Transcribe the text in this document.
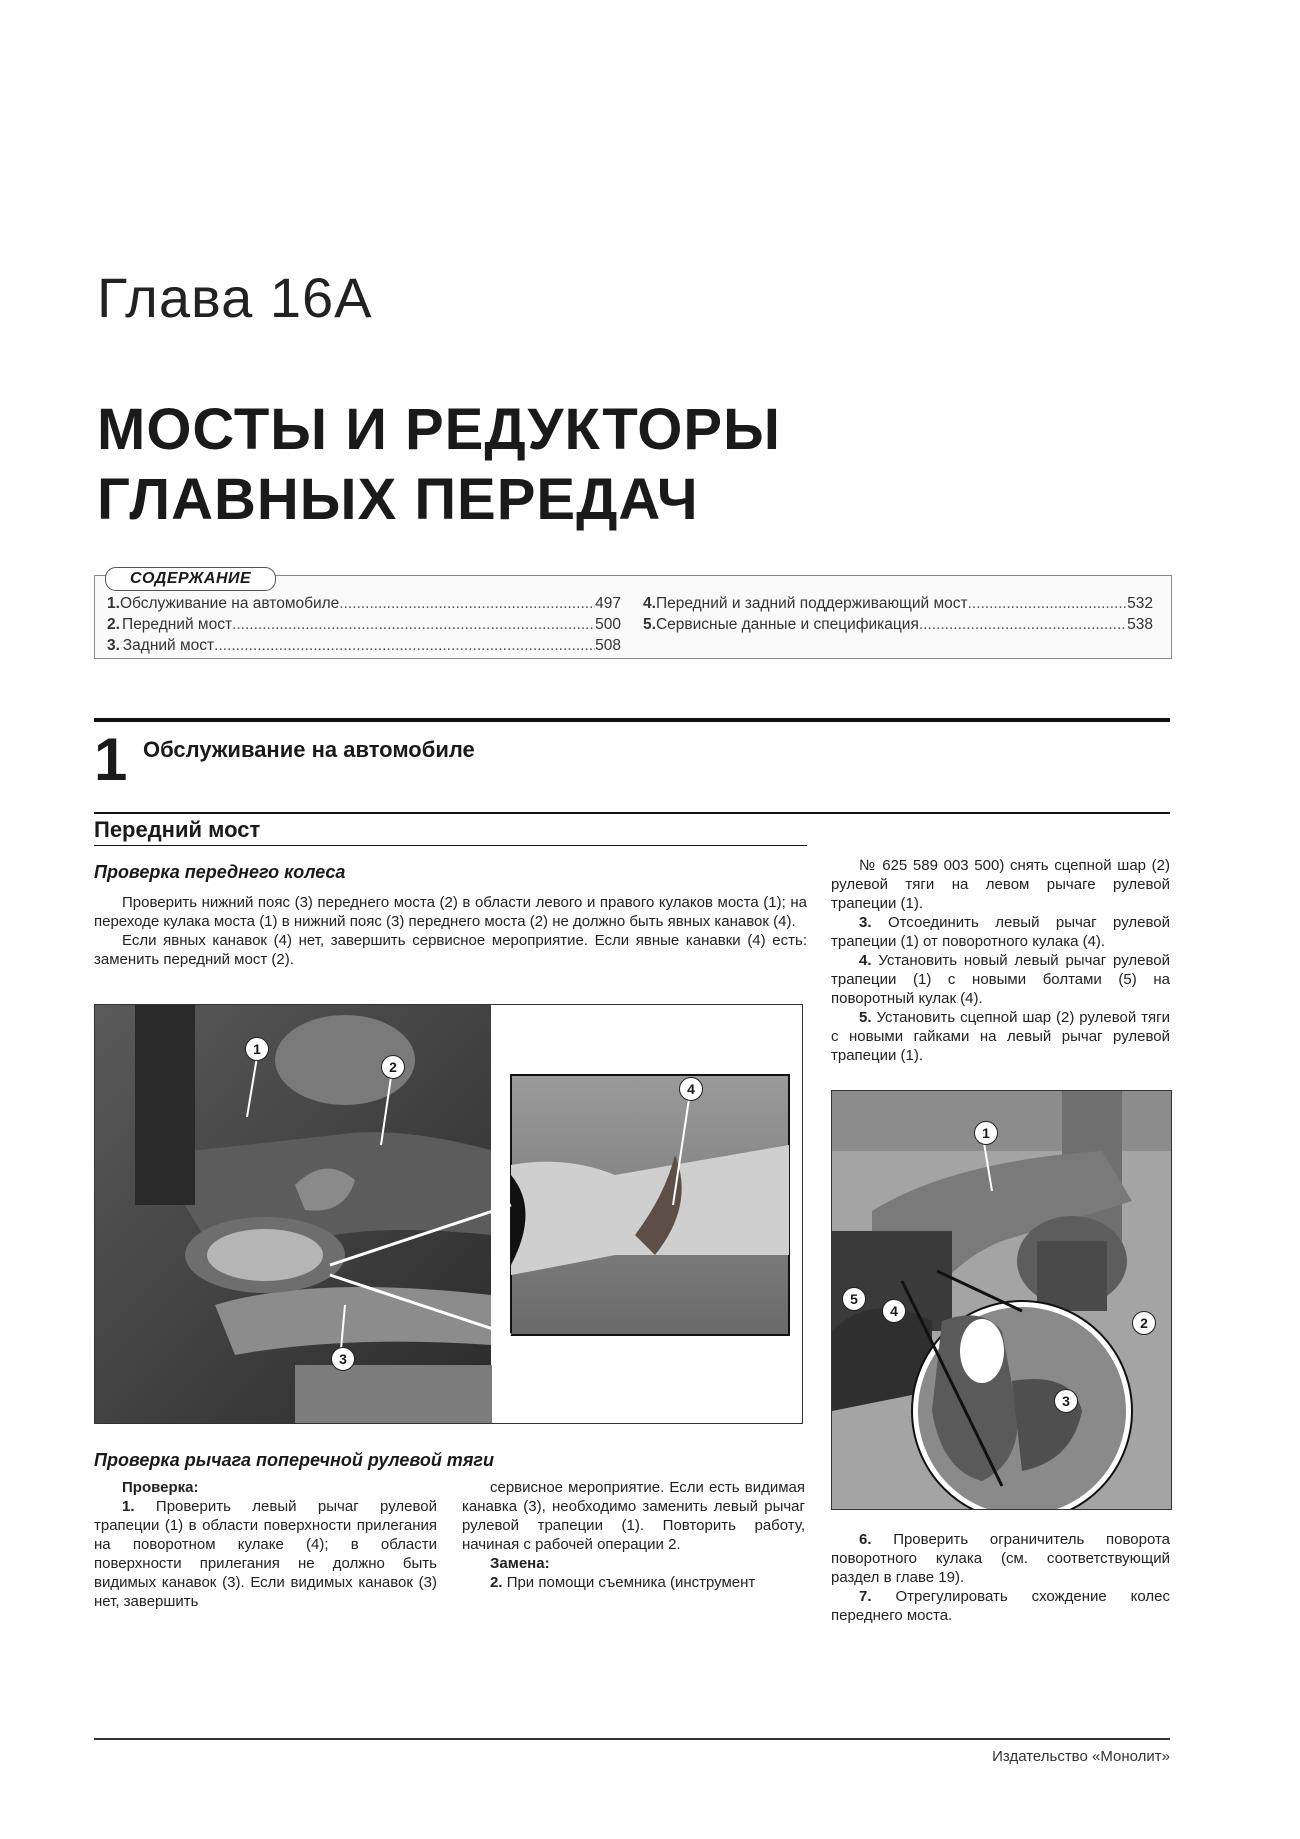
Глава 16А
МОСТЫ И РЕДУКТОРЫ
ГЛАВНЫХ ПЕРЕДАЧ
СОДЕРЖАНИЕ
1. Обслуживание на автомобиле .....	497
2. Передний мост .....	500
3. Задний мост .....	508
4. Передний и задний поддерживающий мост .....	532
5. Сервисные данные и спецификация .....	538
1 Обслуживание на автомобиле
Передний мост
Проверка переднего колеса

Проверить нижний пояс (3) переднего моста (2) в области левого и правого кулаков моста (1); на переходе кулака моста (1) в нижний пояс (3) переднего моста (2) не должно быть явных канавок (4).

Если явных канавок (4) нет, завершить сервисное мероприятие. Если явные канавки (4) есть: заменить передний мост (2).

1
2
3
4
Проверка рычага поперечной рулевой тяги

Проверка:

1. Проверить левый рычаг рулевой трапеции (1) в области поверхности прилегания на поворотном кулаке (4); в области поверхности прилегания не должно быть видимых канавок (3). Если видимых канавок (3) нет, завершить

сервисное мероприятие. Если есть видимая канавка (3), необходимо заменить левый рычаг рулевой трапеции (1). Повторить работу, начиная с рабочей операции 2.

Замена:

2. При помощи съемника (инструмент

№ 625 589 003 500) снять сцепной шар (2) рулевой тяги на левом рычаге рулевой трапеции (1).

3. Отсоединить левый рычаг рулевой трапеции (1) от поворотного кулака (4).

4. Установить новый левый рычаг рулевой трапеции (1) с новыми болтами (5) на поворотный кулак (4).

5. Установить сцепной шар (2) рулевой тяги с новыми гайками на левый рычаг рулевой трапеции (1).

1
2
3
4
5

6. Проверить ограничитель поворота поворотного кулака (см. соответствующий раздел в главе 19).

7. Отрегулировать схождение колес переднего моста.

Издательство «Монолит»
